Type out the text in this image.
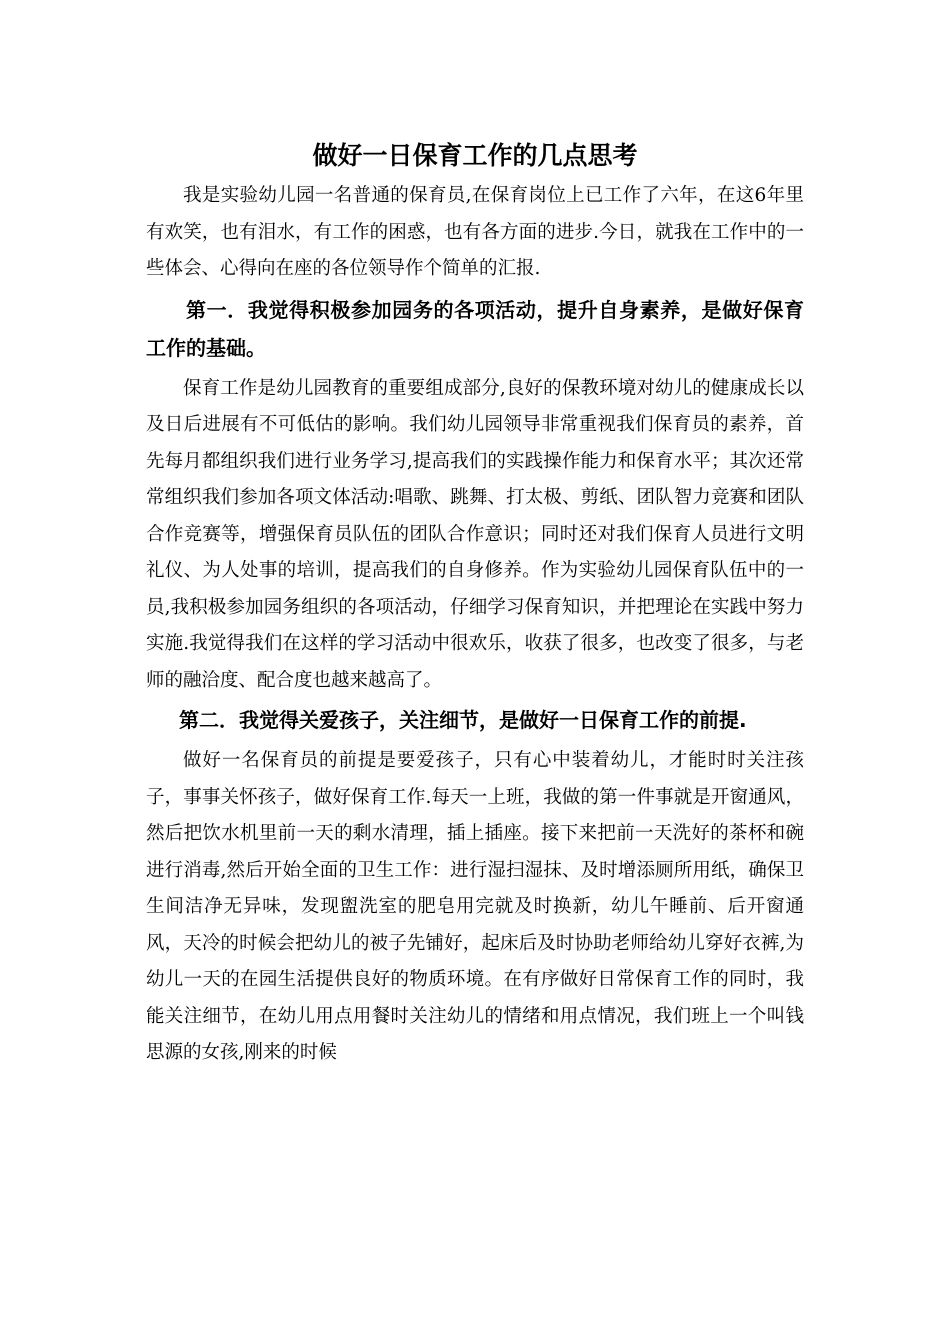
做好一日保育工作的几点思考

我是实验幼儿园一名普通的保育员,在保育岗位上已工作了六年，在这6年里有欢笑，也有泪水，有工作的困惑，也有各方面的进步.今日，就我在工作中的一些体会、心得向在座的各位领导作个简单的汇报.

第一．我觉得积极参加园务的各项活动，提升自身素养，是做好保育工作的基础。

保育工作是幼儿园教育的重要组成部分,良好的保教环境对幼儿的健康成长以及日后进展有不可低估的影响。我们幼儿园领导非常重视我们保育员的素养，首先每月都组织我们进行业务学习,提高我们的实践操作能力和保育水平；其次还常常组织我们参加各项文体活动:唱歌、跳舞、打太极、剪纸、团队智力竞赛和团队合作竞赛等，增强保育员队伍的团队合作意识；同时还对我们保育人员进行文明礼仪、为人处事的培训，提高我们的自身修养。作为实验幼儿园保育队伍中的一员,我积极参加园务组织的各项活动，仔细学习保育知识，并把理论在实践中努力实施.我觉得我们在这样的学习活动中很欢乐，收获了很多，也改变了很多，与老师的融洽度、配合度也越来越高了。

第二．我觉得关爱孩子，关注细节，是做好一日保育工作的前提.

做好一名保育员的前提是要爱孩子，只有心中装着幼儿，才能时时关注孩子，事事关怀孩子，做好保育工作.每天一上班，我做的第一件事就是开窗通风，然后把饮水机里前一天的剩水清理，插上插座。接下来把前一天洗好的茶杯和碗进行消毒,然后开始全面的卫生工作：进行湿扫湿抹、及时增添厕所用纸，确保卫生间洁净无异味，发现盥洗室的肥皂用完就及时换新，幼儿午睡前、后开窗通风，天冷的时候会把幼儿的被子先铺好，起床后及时协助老师给幼儿穿好衣裤,为幼儿一天的在园生活提供良好的物质环境。在有序做好日常保育工作的同时，我能关注细节，在幼儿用点用餐时关注幼儿的情绪和用点情况，我们班上一个叫钱思源的女孩,刚来的时候
